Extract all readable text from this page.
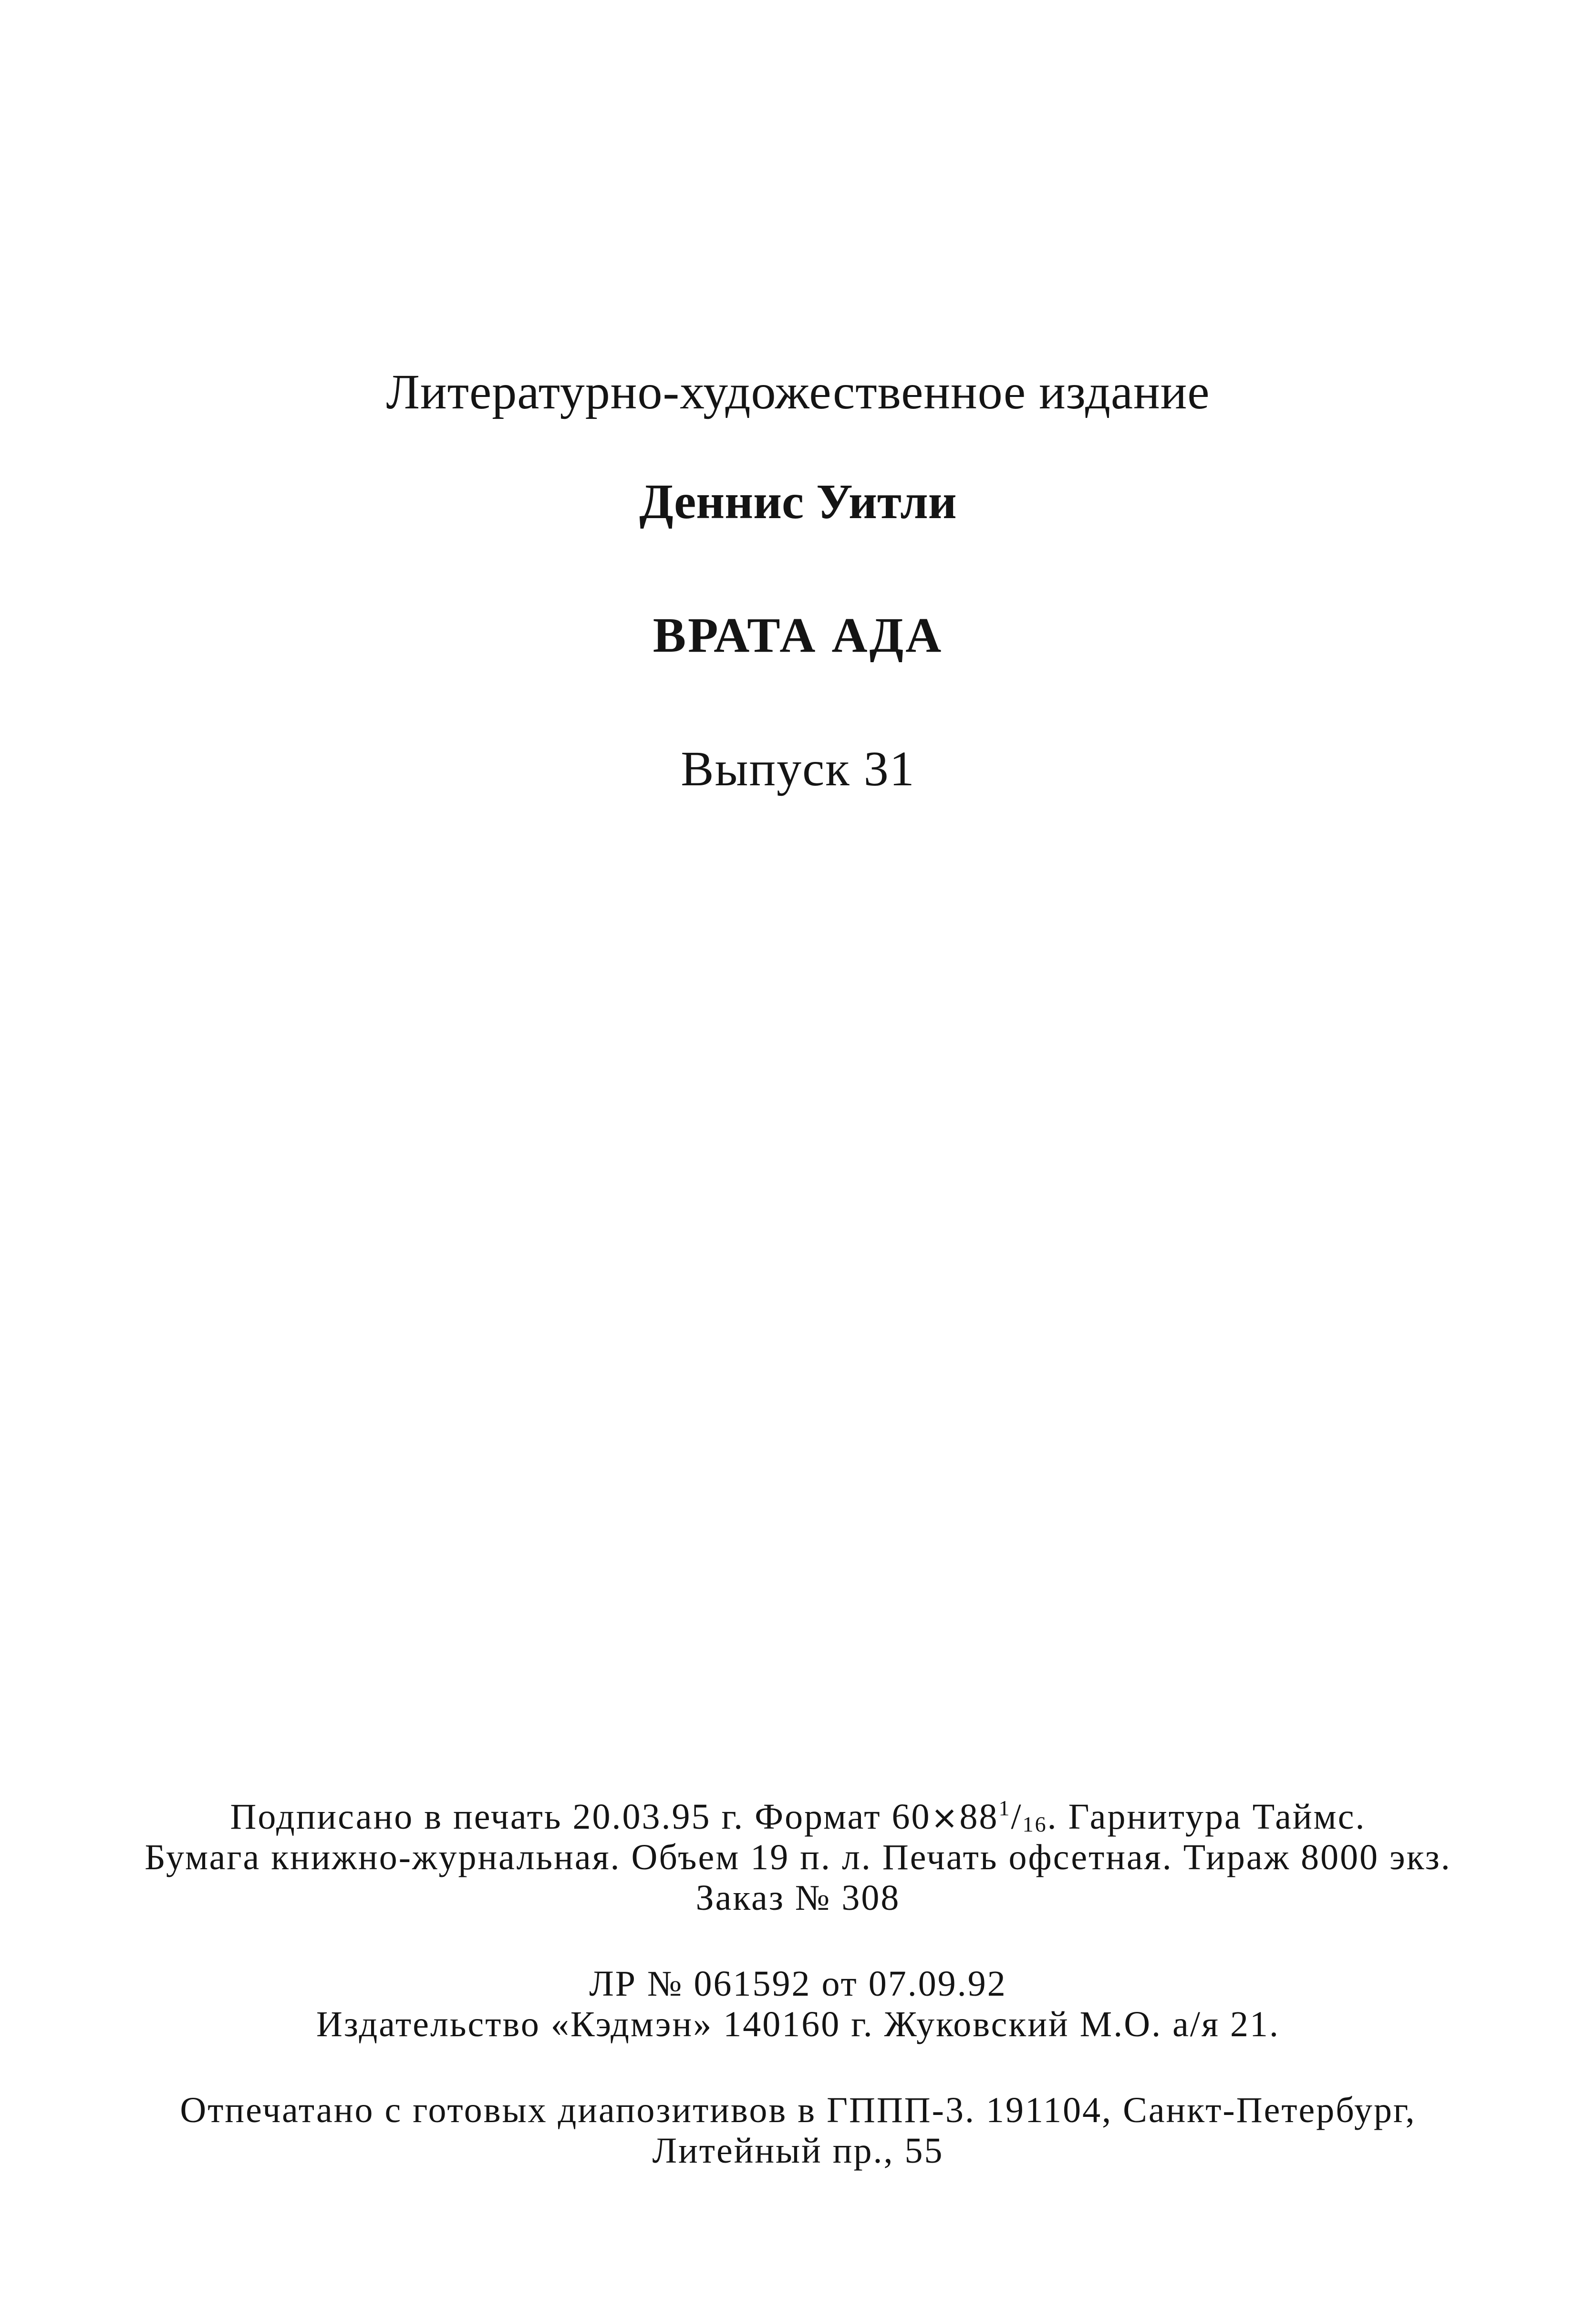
Литературно-художественное издание
Деннис Уитли
ВРАТА АДА
Выпуск 31
Подписано в печать 20.03.95 г. Формат $60\times 88^1/_{16}$. Гарнитура Таймс.
Бумага книжно-журнальная. Объем 19 п. л. Печать офсетная. Тираж 8000 экз.
Заказ № 308
ЛР № 061592 от 07.09.92
Издательство «Кэдмэн» 140160 г. Жуковский М.О. а/я 21.
Отпечатано с готовых диапозитивов в ГППП-3. 191104, Санкт-Петербург,
Литейный пр., 55
